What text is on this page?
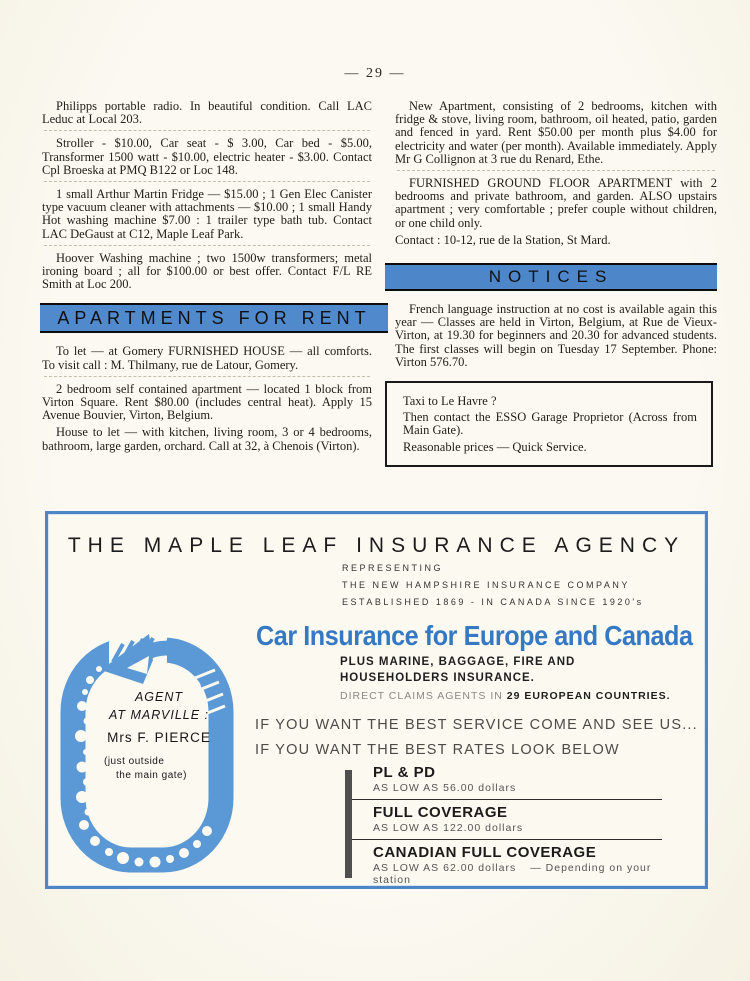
— 29 —

Philipps portable radio. In beautiful condition. Call LAC Leduc at Local 203.

Stroller - $10.00, Car seat - $ 3.00, Car bed - $5.00, Transformer 1500 watt - $10.00, electric heater - $3.00. Contact Cpl Broeska at PMQ B122 or Loc 148.

1 small Arthur Martin Fridge — $15.00 ; 1 Gen Elec Canister type vacuum cleaner with attachments — $10.00 ; 1 small Handy Hot washing machine $7.00 : 1 trailer type bath tub. Contact LAC DeGaust at C12, Maple Leaf Park.

Hoover Washing machine ; two 1500w transformers; metal ironing board ; all for $100.00 or best offer. Contact F/L RE Smith at Loc 200.

APARTMENTS FOR RENT

To let — at Gomery FURNISHED HOUSE — all comforts. To visit call : M. Thilmany, rue de Latour, Gomery.

2 bedroom self contained apartment — located 1 block from Virton Square. Rent $80.00 (includes central heat). Apply 15 Avenue Bouvier, Virton, Belgium.

House to let — with kitchen, living room, 3 or 4 bedrooms, bathroom, large garden, orchard. Call at 32, à Chenois (Virton).

New Apartment, consisting of 2 bedrooms, kitchen with fridge & stove, living room, bathroom, oil heated, patio, garden and fenced in yard. Rent $50.00 per month plus $4.00 for electricity and water (per month). Available immediately. Apply Mr G Collignon at 3 rue du Renard, Ethe.

FURNISHED GROUND FLOOR APARTMENT with 2 bedrooms and private bathroom, and garden. ALSO upstairs apartment ; very comfortable ; prefer couple without children, or one child only.

Contact : 10-12, rue de la Station, St Mard.

NOTICES

French language instruction at no cost is available again this year — Classes are held in Virton, Belgium, at Rue de Vieux-Virton, at 19.30 for beginners and 20.30 for advanced students. The first classes will begin on Tuesday 17 September. Phone: Virton 576.70.

Taxi to Le Havre ?

Then contact the ESSO Garage Proprietor (Across from Main Gate).

Reasonable prices — Quick Service.

THE MAPLE LEAF INSURANCE AGENCY
REPRESENTING
THE NEW HAMPSHIRE INSURANCE COMPANY
ESTABLISHED 1869 - IN CANADA SINCE 1920's
Car Insurance for Europe and Canada
PLUS MARINE, BAGGAGE, FIRE AND HOUSEHOLDERS INSURANCE.
DIRECT CLAIMS AGENTS IN 29 EUROPEAN COUNTRIES.
IF YOU WANT THE BEST SERVICE COME AND SEE US...
IF YOU WANT THE BEST RATES LOOK BELOW
PL & PD
AS LOW AS 56.00 dollars
FULL COVERAGE
AS LOW AS 122.00 dollars
CANADIAN FULL COVERAGE
AS LOW AS 62.00 dollars — Depending on your station
AGENT
AT MARVILLE :
Mrs F. PIERCE
(just outside
the main gate)
